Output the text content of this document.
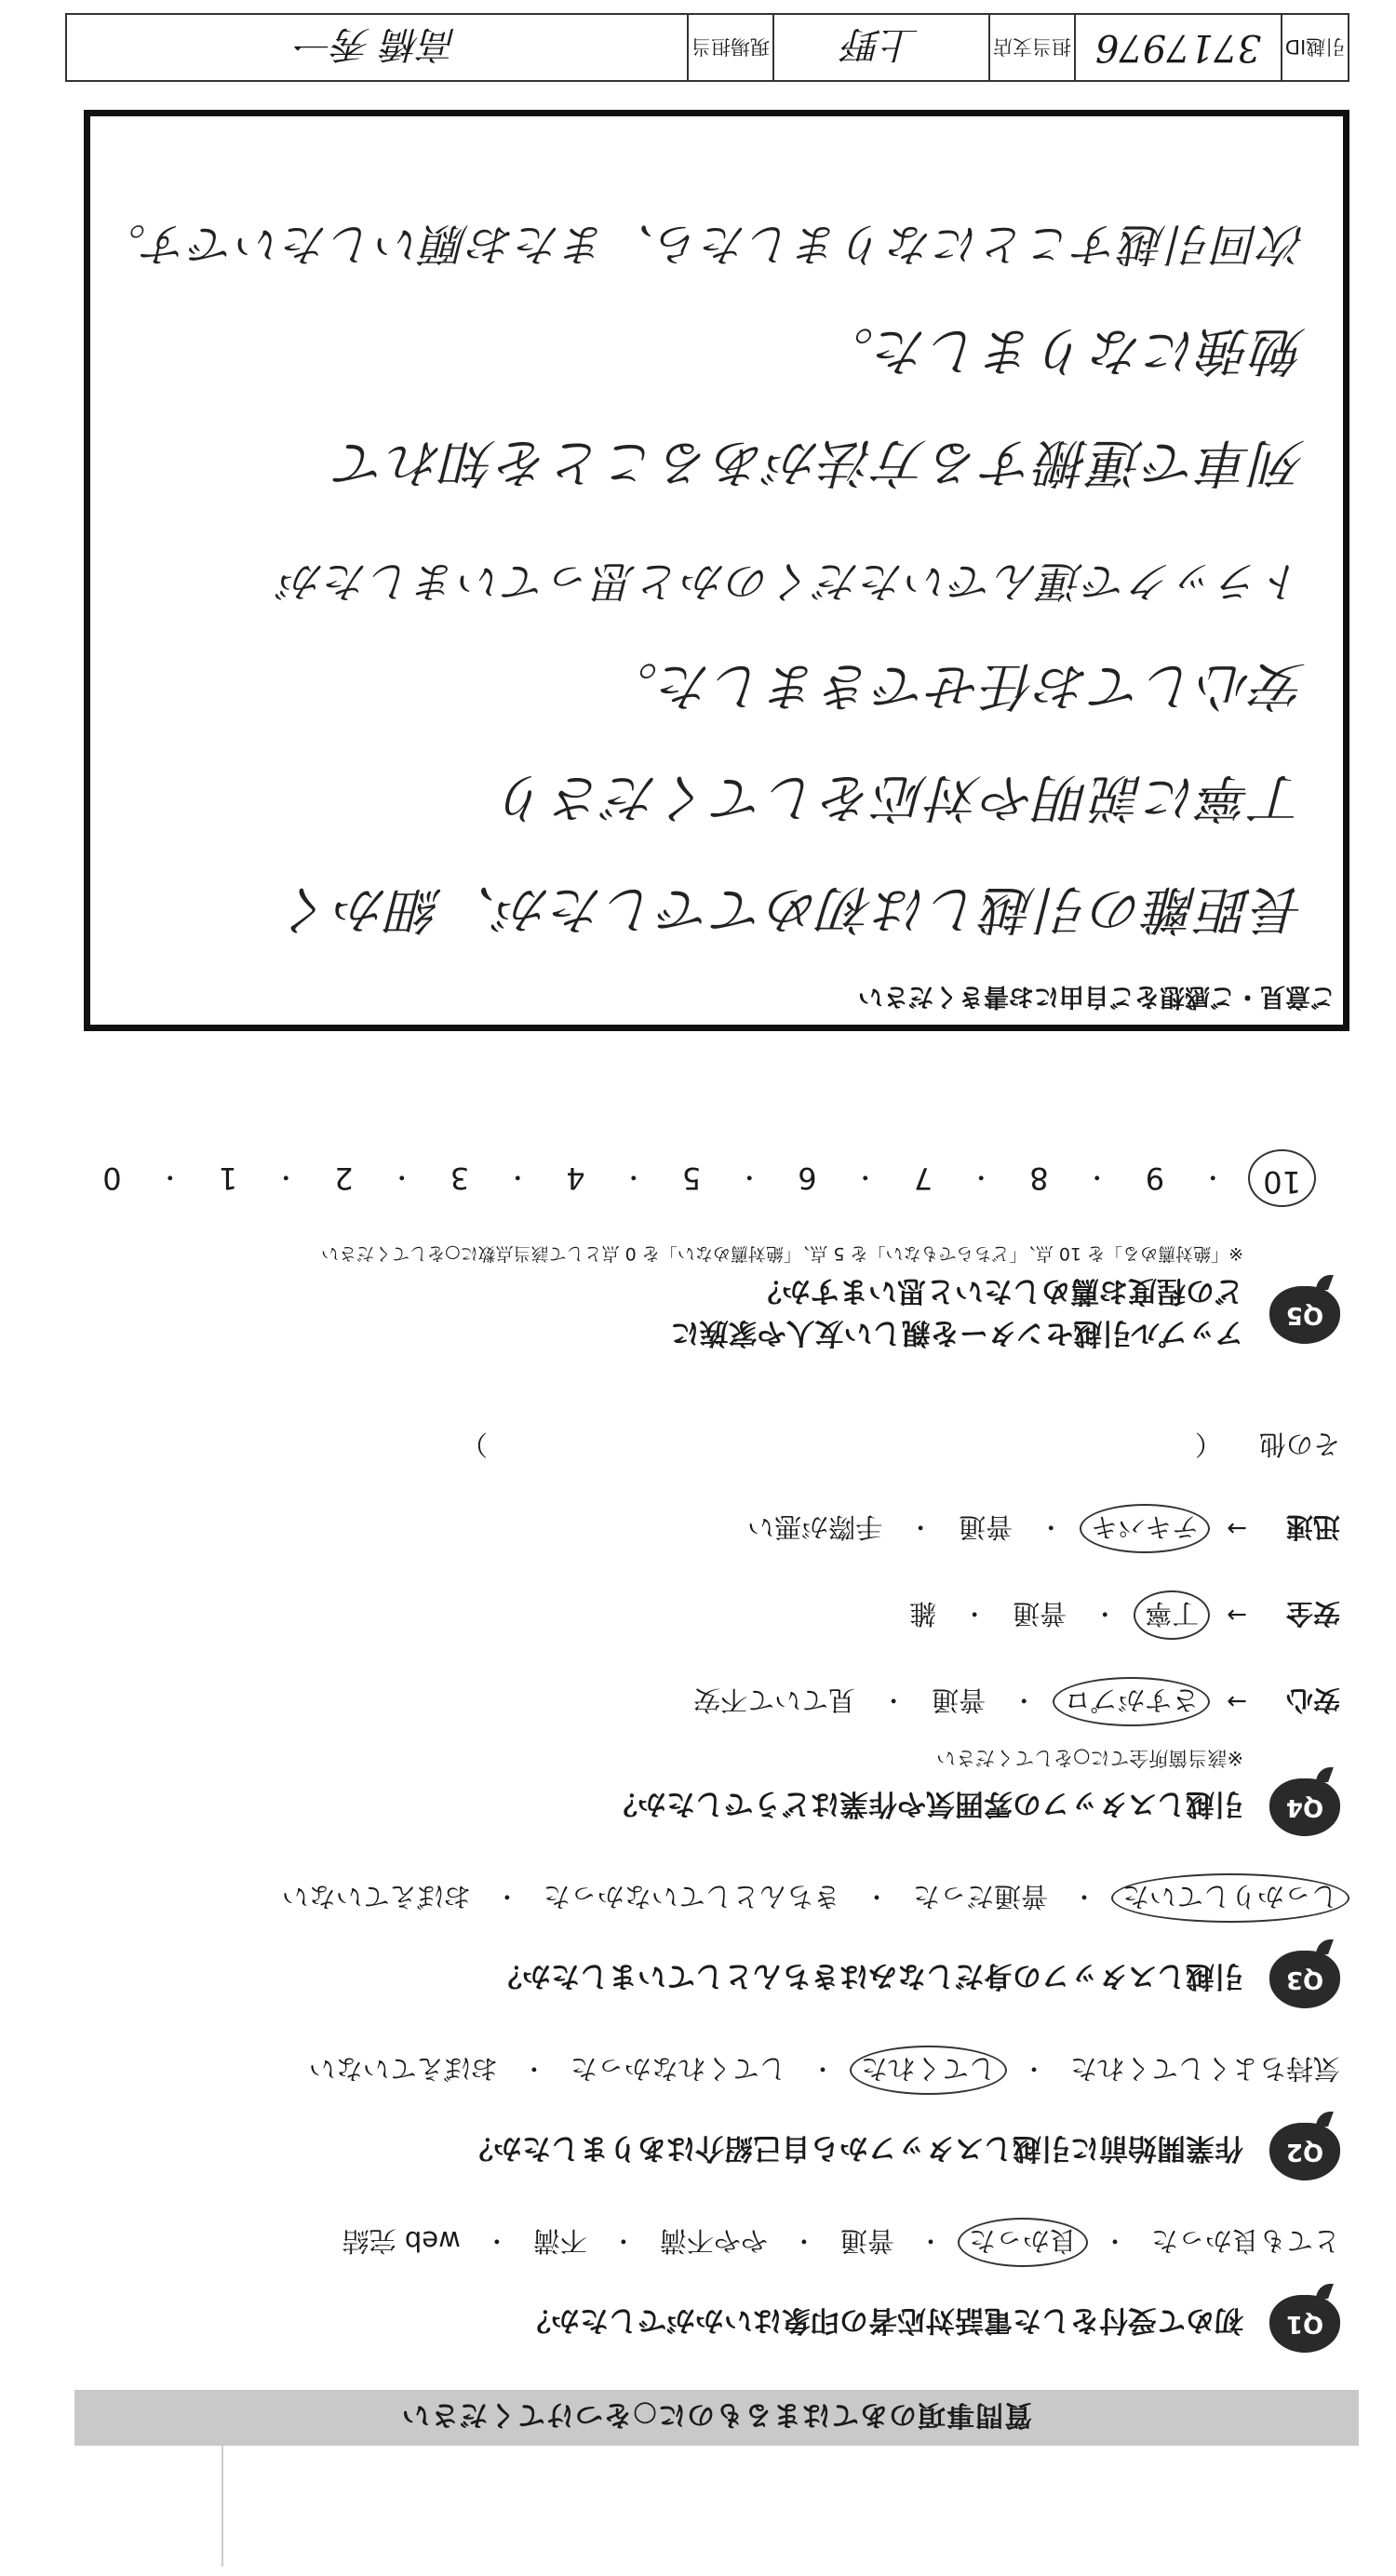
質問事項のあてはまるものに○をつけてください
Q1
初めて受付をした電話対応者の印象はいかがでしたか？
とても良かった
・
良かった
・
普通
・
やや不満
・
不満
・
web 完結
Q2
作業開始前に引越しスタッフから自己紹介はありましたか？
気持ちよくしてくれた
・
してくれた
・
してくれなかった
・
おぼえていない
Q3
引越しスタッフの身だしなみはきちんとしていましたか？
しっかりしていた
・
普通だった
・
きちんとしていなかった
・
おぼえていない
Q4
引越しスタッフの雰囲気や作業はどうでしたか？
※該当箇所全てに○をしてください
安心
→
さすがプロ
・
普通
・
見ていて不安
安全
→
丁寧
・
普通
・
雑
迅速
→
テキパキ
・
普通
・
手際が悪い
その他
（
）
Q5
アップル引越センターを親しい友人や家族に
どの程度お薦めしたいと思いますか？
※「絶対薦める」を 10 点、「どちらでもない」を 5 点、「絶対薦めない」を 0 点として該当点数に○をしてください
10
・
9
・
8
・
7
・
6
・
5
・
4
・
3
・
2
・
1
・
0
ご意見・ご感想をご自由にお書きください
長距離の引越しは初めてでしたが、細かく
丁寧に説明や対応をしてくださり
安心してお任せできました。
トラックで運んでいただくのかと思っていましたが
列車で運搬する方法があることを知れて
勉強になりました。
次回引越すことになりましたら、またお願いしたいです。
引越ID
3717976
担当支店
上野
現場担当
高橋 秀一
